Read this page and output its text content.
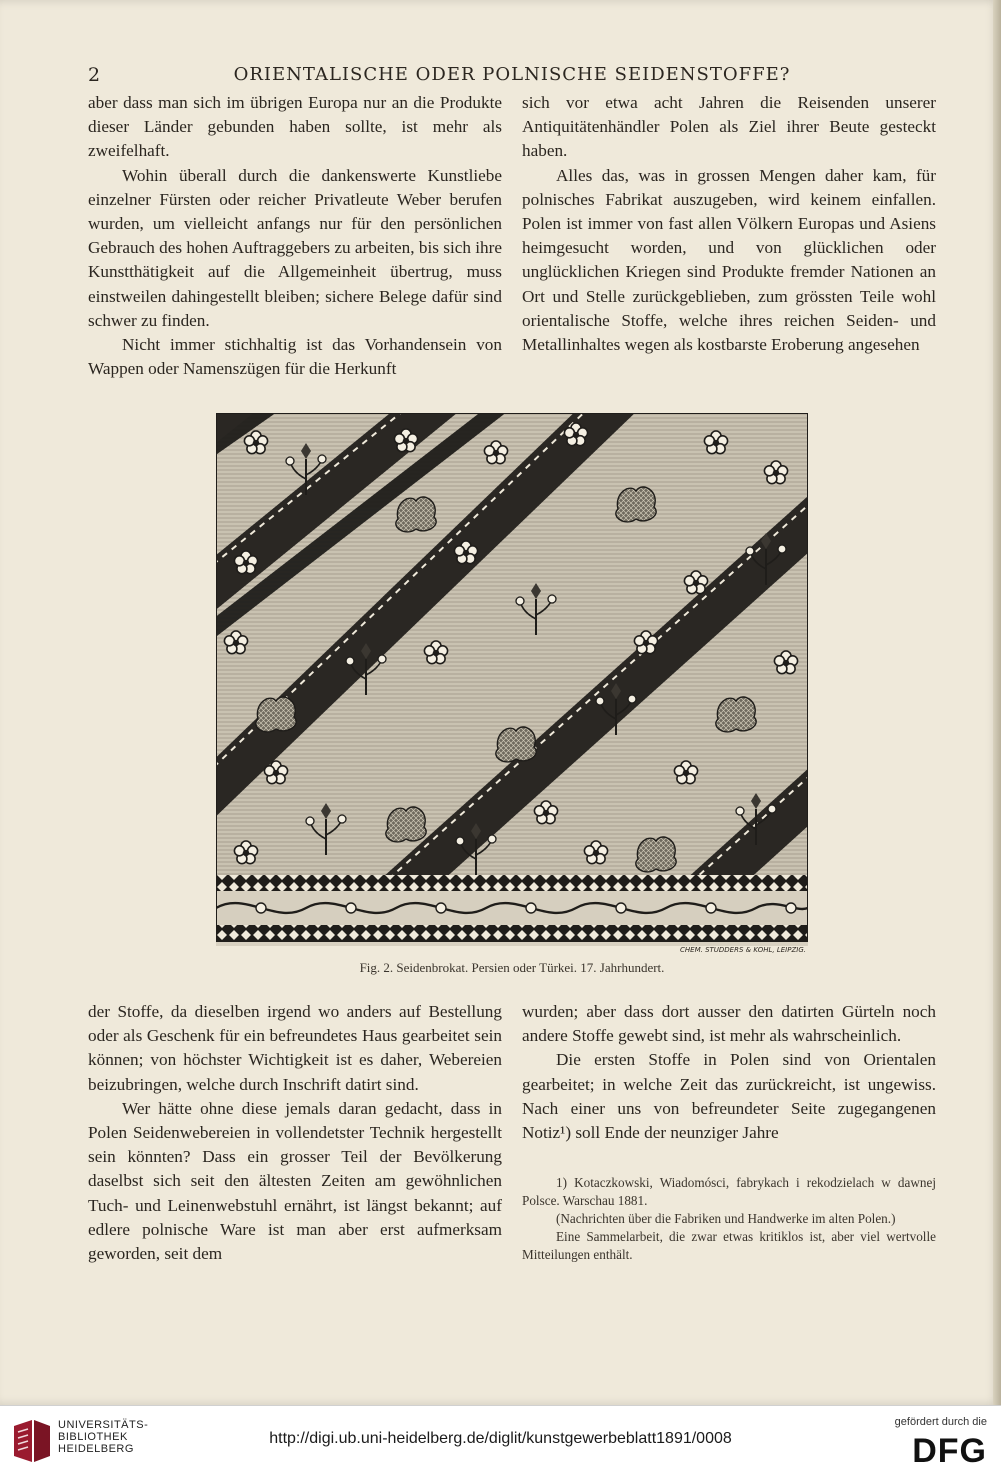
2	ORIENTALISCHE ODER POLNISCHE SEIDENSTOFFE?

aber dass man sich im übrigen Europa nur an die Produkte dieser Länder gebunden haben sollte, ist mehr als zweifelhaft.

Wohin überall durch die dankenswerte Kunstliebe einzelner Fürsten oder reicher Privatleute Weber berufen wurden, um vielleicht anfangs nur für den persönlichen Gebrauch des hohen Auftraggebers zu arbeiten, bis sich ihre Kunstthätigkeit auf die Allgemeinheit übertrug, muss einstweilen dahingestellt bleiben; sichere Belege dafür sind schwer zu finden.

Nicht immer stichhaltig ist das Vorhandensein von Wappen oder Namenszügen für die Herkunft

sich vor etwa acht Jahren die Reisenden unserer Antiquitätenhändler Polen als Ziel ihrer Beute gesteckt haben.

Alles das, was in grossen Mengen daher kam, für polnisches Fabrikat auszugeben, wird keinem einfallen. Polen ist immer von fast allen Völkern Europas und Asiens heimgesucht worden, und von glücklichen oder unglücklichen Kriegen sind Produkte fremder Nationen an Ort und Stelle zurückgeblieben, zum grössten Teile wohl orientalische Stoffe, welche ihres reichen Seiden- und Metallinhaltes wegen als kostbarste Eroberung angesehen

CHEM. STUDDERS & KOHL, LEIPZIG.
Fig. 2. Seidenbrokat. Persien oder Türkei. 17. Jahrhundert.

der Stoffe, da dieselben irgend wo anders auf Bestellung oder als Geschenk für ein befreundetes Haus gearbeitet sein können; von höchster Wichtigkeit ist es daher, Webereien beizubringen, welche durch Inschrift datirt sind.

Wer hätte ohne diese jemals daran gedacht, dass in Polen Seidenwebereien in vollendetster Technik hergestellt sein könnten? Dass ein grosser Teil der Bevölkerung daselbst sich seit den ältesten Zeiten am gewöhnlichen Tuch- und Leinenwebstuhl ernährt, ist längst bekannt; auf edlere polnische Ware ist man aber erst aufmerksam geworden, seit dem

wurden; aber dass dort ausser den datirten Gürteln noch andere Stoffe gewebt sind, ist mehr als wahrscheinlich.

Die ersten Stoffe in Polen sind von Orientalen gearbeitet; in welche Zeit das zurückreicht, ist ungewiss. Nach einer uns von befreundeter Seite zugegangenen Notiz¹) soll Ende der neunziger Jahre

1) Kotaczkowski, Wiadomósci, fabrykach i rekodzielach w dawnej Polsce. Warschau 1881.

(Nachrichten über die Fabriken und Handwerke im alten Polen.)

Eine Sammelarbeit, die zwar etwas kritiklos ist, aber viel wertvolle Mitteilungen enthält.

UNIVERSITÄTS-
BIBLIOTHEK
HEIDELBERG
http://digi.ub.uni-heidelberg.de/diglit/kunstgewerbeblatt1891/0008
gefördert durch die
DFG
